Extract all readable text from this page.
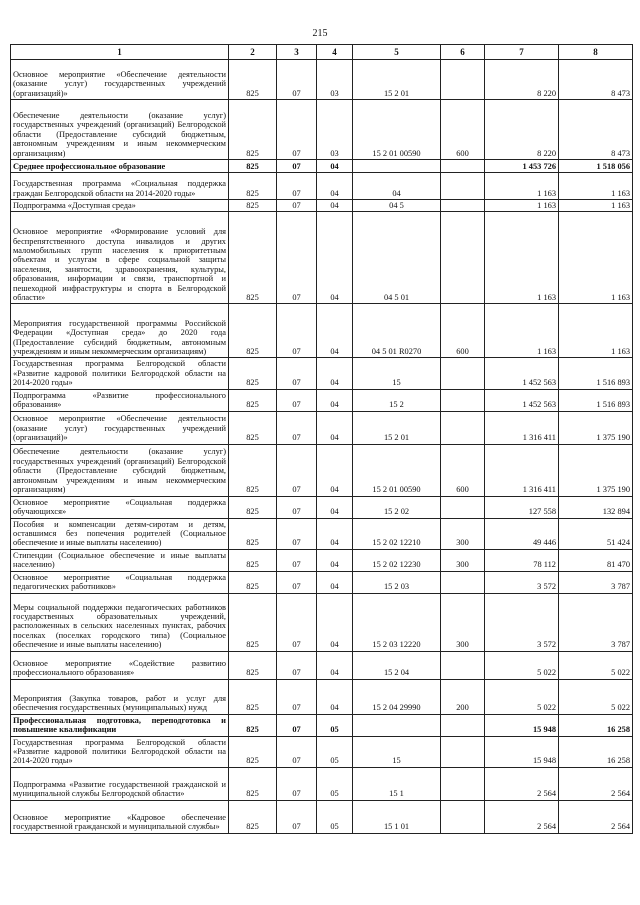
215
1	2	3	4	5	6	7	8
Основное мероприятие «Обеспечение деятельности (оказание услуг) государственных учреждений (организаций)»	825	07	03	15 2 01		8 220	8 473
Обеспечение деятельности (оказание услуг) государственных учреждений (организаций) Белгородской области (Предоставление субсидий бюджетным, автономным учреждениям и иным некоммерческим организациям)	825	07	03	15 2 01 00590	600	8 220	8 473
Среднее профессиональное образование	825	07	04			1 453 726	1 518 056
Государственная программа «Социальная поддержка граждан Белгородской области на 2014-2020 годы»	825	07	04	04		1 163	1 163
Подпрограмма «Доступная среда»	825	07	04	04 5		1 163	1 163
Основное мероприятие «Формирование условий для беспрепятственного доступа инвалидов и других маломобильных групп населения к приоритетным объектам и услугам в сфере социальной защиты населения, занятости, здравоохранения, культуры, образования, информации и связи, транспортной и пешеходной инфраструктуры и спорта в Белгородской области»	825	07	04	04 5 01		1 163	1 163
Мероприятия государственной программы Российской Федерации «Доступная среда» до 2020 года (Предоставление субсидий бюджетным, автономным учреждениям и иным некоммерческим организациям)	825	07	04	04 5 01 R0270	600	1 163	1 163
Государственная программа Белгородской области «Развитие кадровой политики Белгородской области на 2014-2020 годы»	825	07	04	15		1 452 563	1 516 893
Подпрограмма «Развитие профессионального образования»	825	07	04	15 2		1 452 563	1 516 893
Основное мероприятие «Обеспечение деятельности (оказание услуг) государственных учреждений (организаций)»	825	07	04	15 2 01		1 316 411	1 375 190
Обеспечение деятельности (оказание услуг) государственных учреждений (организаций) Белгородской области (Предоставление субсидий бюджетным, автономным учреждениям и иным некоммерческим организациям)	825	07	04	15 2 01 00590	600	1 316 411	1 375 190
Основное мероприятие «Социальная поддержка обучающихся»	825	07	04	15 2 02		127 558	132 894
Пособия и компенсации детям-сиротам и детям, оставшимся без попечения родителей (Социальное обеспечение и иные выплаты населению)	825	07	04	15 2 02 12210	300	49 446	51 424
Стипендии (Социальное обеспечение и иные выплаты населению)	825	07	04	15 2 02 12230	300	78 112	81 470
Основное мероприятие «Социальная поддержка педагогических работников»	825	07	04	15 2 03		3 572	3 787
Меры социальной поддержки педагогических работников государственных образовательных учреждений, расположенных в сельских населенных пунктах, рабочих поселках (поселках городского типа) (Социальное обеспечение и иные выплаты населению)	825	07	04	15 2 03 12220	300	3 572	3 787
Основное мероприятие «Содействие развитию профессионального образования»	825	07	04	15 2 04		5 022	5 022
Мероприятия (Закупка товаров, работ и услуг для обеспечения государственных (муниципальных) нужд	825	07	04	15 2 04 29990	200	5 022	5 022
Профессиональная подготовка, переподготовка и повышение квалификации	825	07	05			15 948	16 258
Государственная программа Белгородской области «Развитие кадровой политики Белгородской области на 2014-2020 годы»	825	07	05	15		15 948	16 258
Подпрограмма «Развитие государственной гражданской и муниципальной службы Белгородской области»	825	07	05	15 1		2 564	2 564
Основное мероприятие «Кадровое обеспечение государственной гражданской и муниципальной службы»	825	07	05	15 1 01		2 564	2 564
